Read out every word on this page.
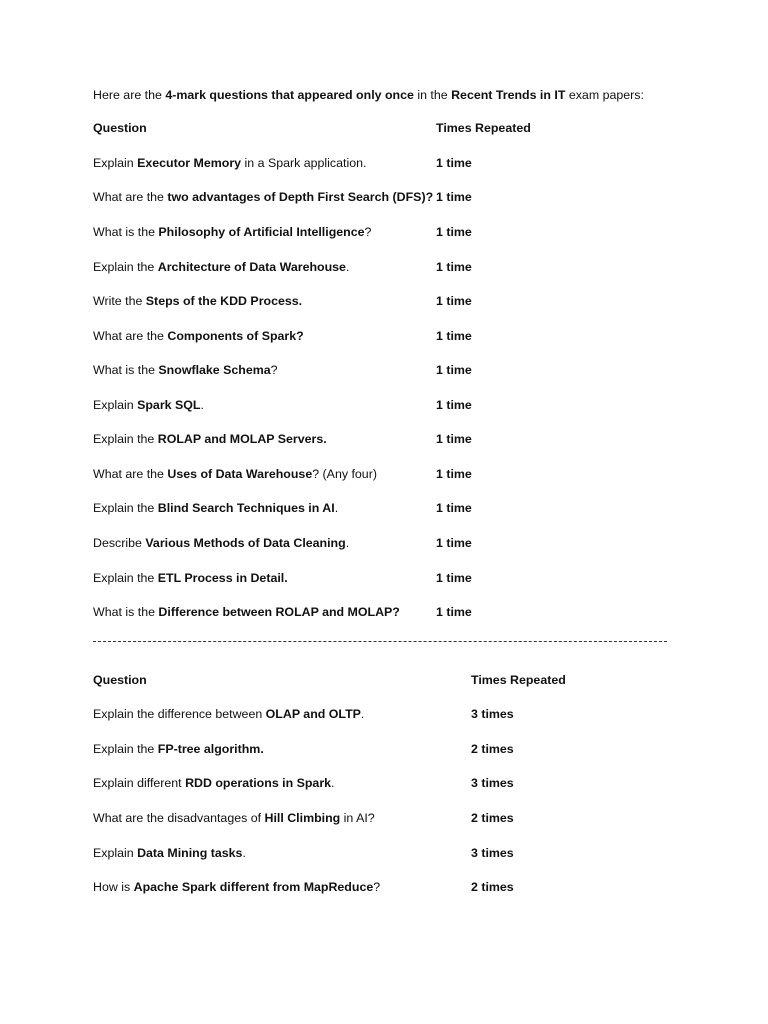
Here are the 4-mark questions that appeared only once in the Recent Trends in IT exam papers:
Question	Times Repeated
Explain Executor Memory in a Spark application.	1 time
What are the two advantages of Depth First Search (DFS)? 1 time
What is the Philosophy of Artificial Intelligence?	1 time
Explain the Architecture of Data Warehouse.	1 time
Write the Steps of the KDD Process.	1 time
What are the Components of Spark?	1 time
What is the Snowflake Schema?	1 time
Explain Spark SQL.	1 time
Explain the ROLAP and MOLAP Servers.	1 time
What are the Uses of Data Warehouse? (Any four)	1 time
Explain the Blind Search Techniques in AI.	1 time
Describe Various Methods of Data Cleaning.	1 time
Explain the ETL Process in Detail.	1 time
What is the Difference between ROLAP and MOLAP?	1 time
Question	Times Repeated
Explain the difference between OLAP and OLTP.	3 times
Explain the FP-tree algorithm.	2 times
Explain different RDD operations in Spark.	3 times
What are the disadvantages of Hill Climbing in AI?	2 times
Explain Data Mining tasks.	3 times
How is Apache Spark different from MapReduce?	2 times
